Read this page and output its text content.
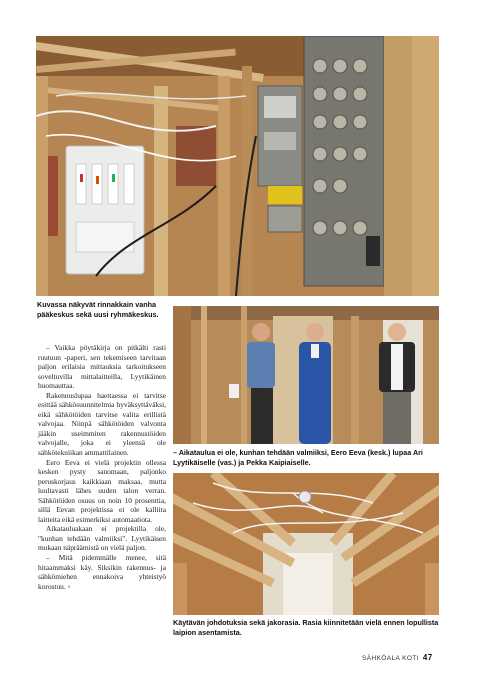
Kuvassa näkyvät rinnakkain vanha pääkeskus sekä uusi ryhmäkeskus.
– Aikataulua ei ole, kunhan tehdään valmiiksi, Eero Eeva (kesk.) lupaa Ari Lyytikäiselle (vas.) ja Pekka Kaipiaiselle.
Käytävän johdotuksia sekä jakorasia. Rasia kiinnitetään vielä ennen lopullista laipion asentamista.

– Vaikka pöytäkirja on pitkälti rasti ruutuun -paperi, sen tekemiseen tarvitaan paljon erilaisia mittauksia tarkoitukseen soveltuvilla mittalaitteilla, Lyytikäinen huomauttaa.

Rakennuslupaa haettaessa ei tarvitse esittää sähkösuunnitelmia hyväksyttäväksi, eikä sähkötöiden tarvitse valita erillistä valvojaa. Niinpä sähkötöiden valvonta jääkin useimmiten rakennustöiden valvojalle, joka ei yleensä ole sähkötekniikan ammattilainen.

Eero Eeva ei vielä projektin ollessa kesken pysty sanomaan, paljonko peruskorjaus kaikkiaan maksaa, mutta luultavasti lähes uuden talon verran. Sähkötöiden osuus on noin 10 prosenttia, sillä Eevan projektissa ei ole kalliita laitteita eikä esimerkiksi automaatiota.

Aikatauluakaan ei projektilla ole, "kunhan tehdään valmiiksi". Lyytikäisen mukaan näpräämistä on vielä paljon.

– Mitä pidemmälle menee, sitä hitaammaksi käy. Siksikin rakennus- ja sähkömiehen ennakoiva yhteistyö korostuu. ▫

SÄHKÖALA KOTI 47
